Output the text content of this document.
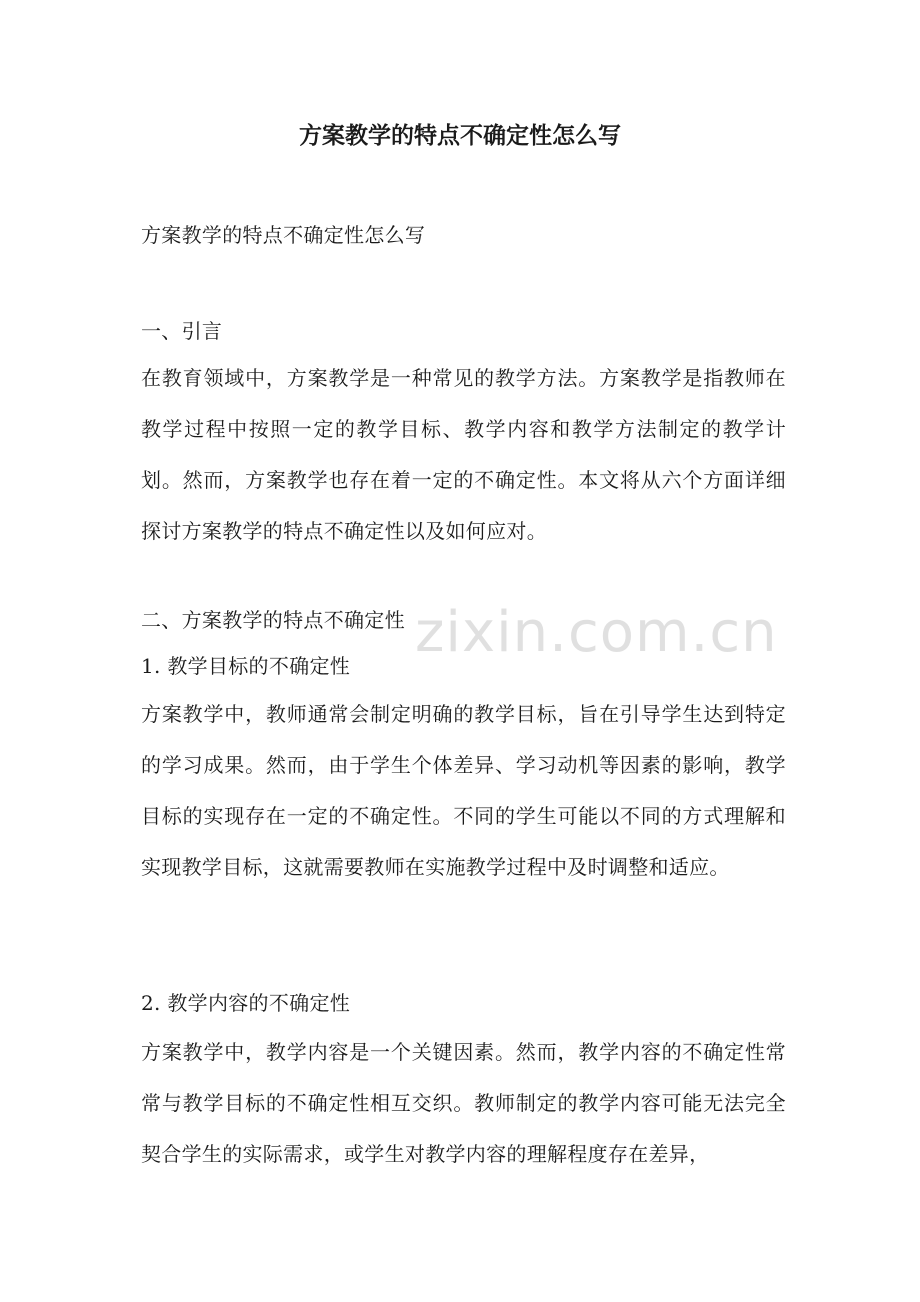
方案教学的特点不确定性怎么写
方案教学的特点不确定性怎么写
一、引言

在教育领域中，方案教学是一种常见的教学方法。方案教学是指教师在教学过程中按照一定的教学目标、教学内容和教学方法制定的教学计划。然而，方案教学也存在着一定的不确定性。本文将从六个方面详细探讨方案教学的特点不确定性以及如何应对。

二、方案教学的特点不确定性
1. 教学目标的不确定性

方案教学中，教师通常会制定明确的教学目标，旨在引导学生达到特定的学习成果。然而，由于学生个体差异、学习动机等因素的影响，教学目标的实现存在一定的不确定性。不同的学生可能以不同的方式理解和实现教学目标，这就需要教师在实施教学过程中及时调整和适应。

2. 教学内容的不确定性

方案教学中，教学内容是一个关键因素。然而，教学内容的不确定性常常与教学目标的不确定性相互交织。教师制定的教学内容可能无法完全契合学生的实际需求，或学生对教学内容的理解程度存在差异，

zixin.com.cn
